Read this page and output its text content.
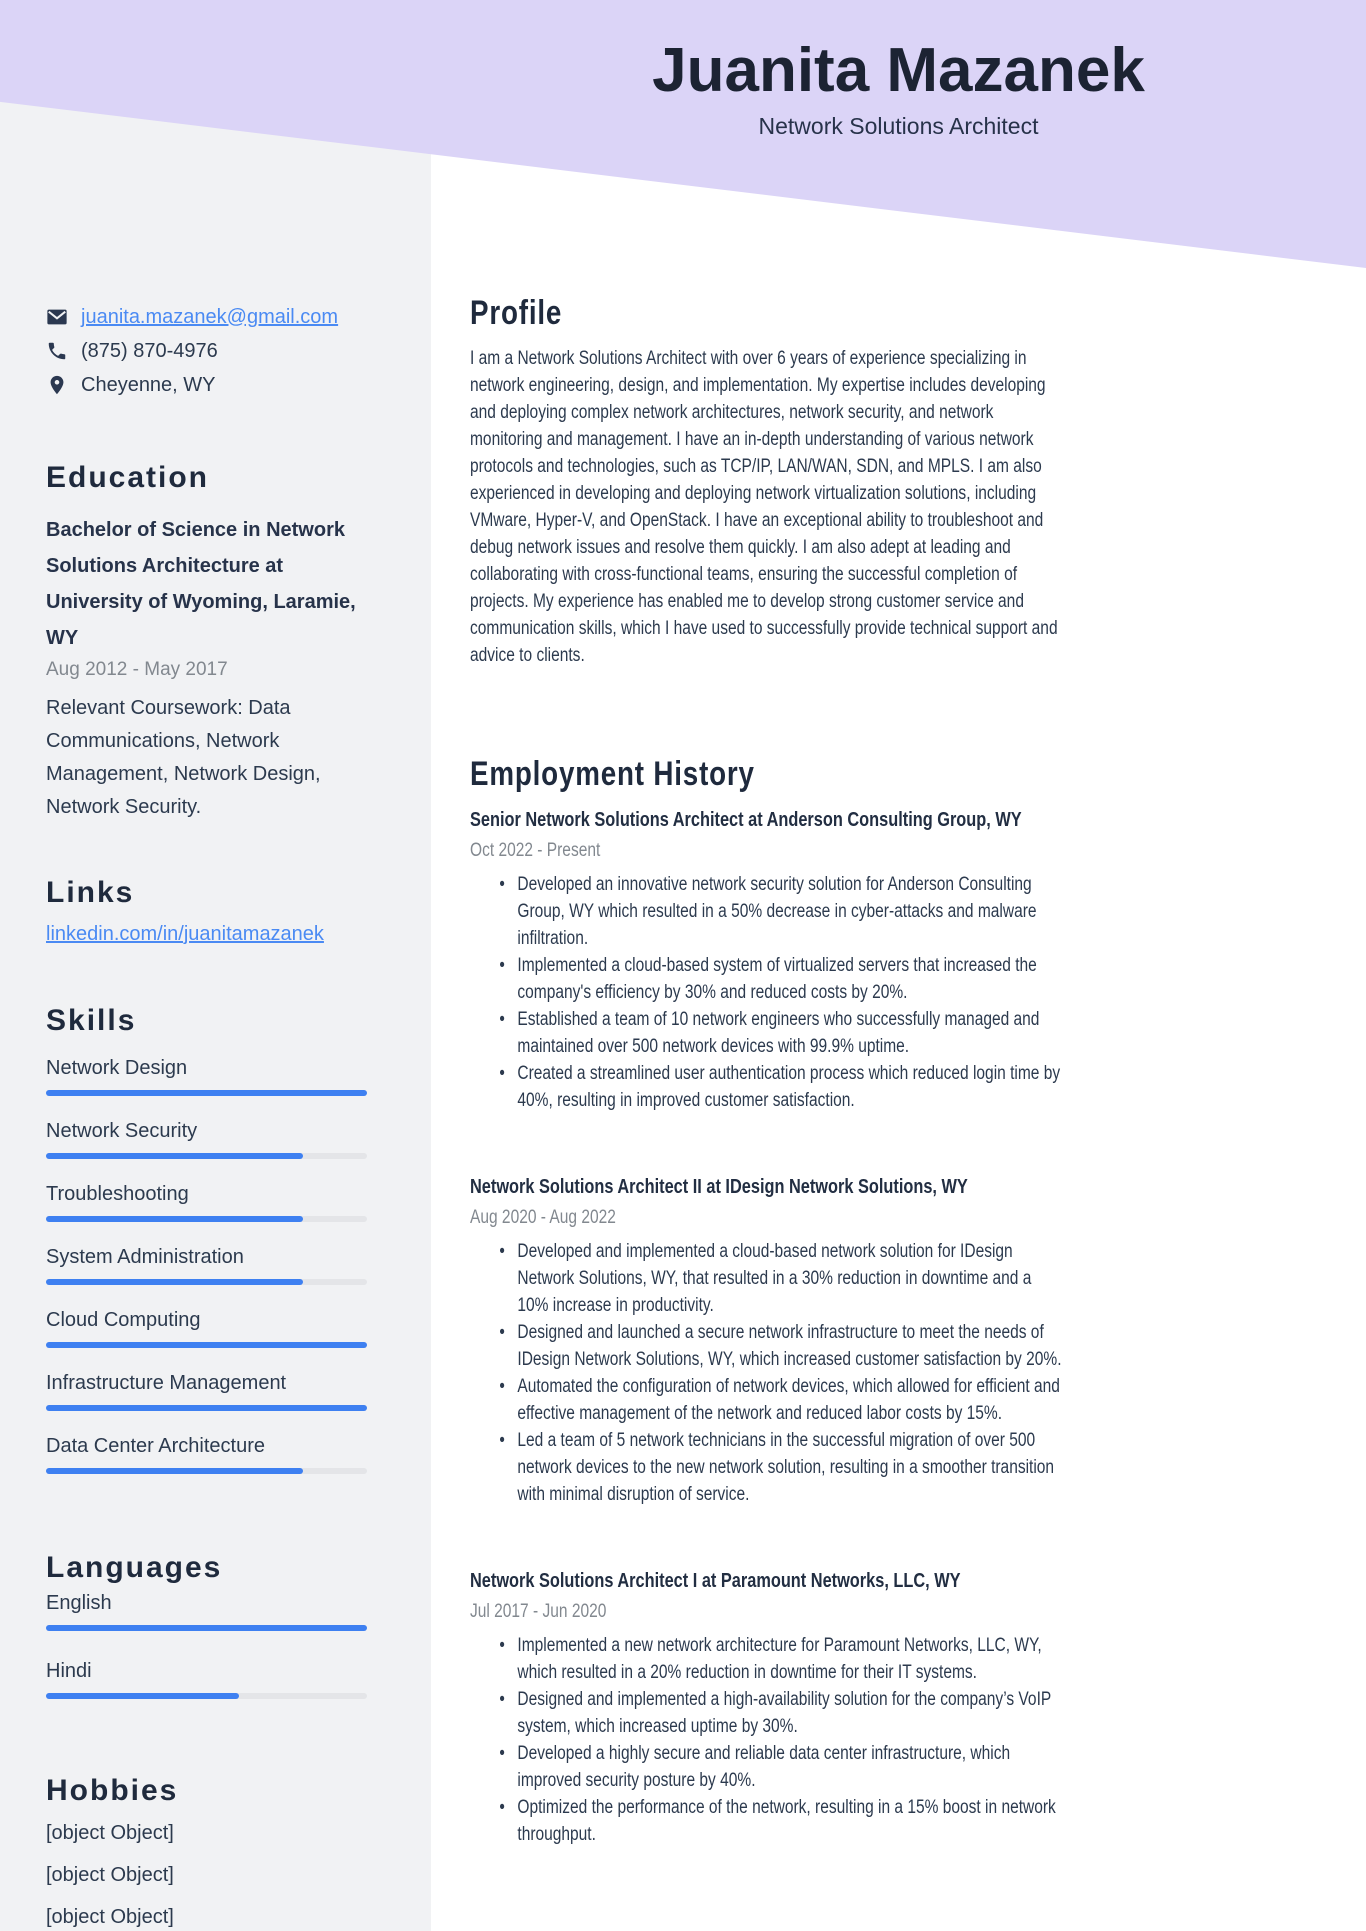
juanita.mazanek@gmail.com
(875) 870-4976
Cheyenne, WY
Education
Bachelor of Science in Network Solutions Architecture at University of Wyoming, Laramie, WY
Aug 2012 - May 2017
Relevant Coursework: Data Communications, Network Management, Network Design, Network Security.
Links
linkedin.com/in/juanitamazanek
Skills
Network Design
Network Security
Troubleshooting
System Administration
Cloud Computing
Infrastructure Management
Data Center Architecture
Languages
English
Hindi
Hobbies
[object Object]
[object Object]
[object Object]
Juanita Mazanek
Network Solutions Architect
Profile

I am a Network Solutions Architect with over 6 years of experience specializing in network engineering, design, and implementation. My expertise includes developing and deploying complex network architectures, network security, and network monitoring and management. I have an in-depth understanding of various network protocols and technologies, such as TCP/IP, LAN/WAN, SDN, and MPLS. I am also experienced in developing and deploying network virtualization solutions, including VMware, Hyper-V, and OpenStack. I have an exceptional ability to troubleshoot and debug network issues and resolve them quickly. I am also adept at leading and collaborating with cross-functional teams, ensuring the successful completion of projects. My experience has enabled me to develop strong customer service and communication skills, which I have used to successfully provide technical support and advice to clients.

Employment History
Senior Network Solutions Architect at Anderson Consulting Group, WY
Oct 2022 - Present
• Developed an innovative network security solution for Anderson Consulting Group, WY which resulted in a 50% decrease in cyber-attacks and malware infiltration.
• Implemented a cloud-based system of virtualized servers that increased the company's efficiency by 30% and reduced costs by 20%.
• Established a team of 10 network engineers who successfully managed and maintained over 500 network devices with 99.9% uptime.
• Created a streamlined user authentication process which reduced login time by 40%, resulting in improved customer satisfaction.
Network Solutions Architect II at IDesign Network Solutions, WY
Aug 2020 - Aug 2022
• Developed and implemented a cloud-based network solution for IDesign Network Solutions, WY, that resulted in a 30% reduction in downtime and a 10% increase in productivity.
• Designed and launched a secure network infrastructure to meet the needs of IDesign Network Solutions, WY, which increased customer satisfaction by 20%.
• Automated the configuration of network devices, which allowed for efficient and effective management of the network and reduced labor costs by 15%.
• Led a team of 5 network technicians in the successful migration of over 500 network devices to the new network solution, resulting in a smoother transition with minimal disruption of service.
Network Solutions Architect I at Paramount Networks, LLC, WY
Jul 2017 - Jun 2020
• Implemented a new network architecture for Paramount Networks, LLC, WY, which resulted in a 20% reduction in downtime for their IT systems.
• Designed and implemented a high-availability solution for the company’s VoIP system, which increased uptime by 30%.
• Developed a highly secure and reliable data center infrastructure, which improved security posture by 40%.
• Optimized the performance of the network, resulting in a 15% boost in network throughput.
